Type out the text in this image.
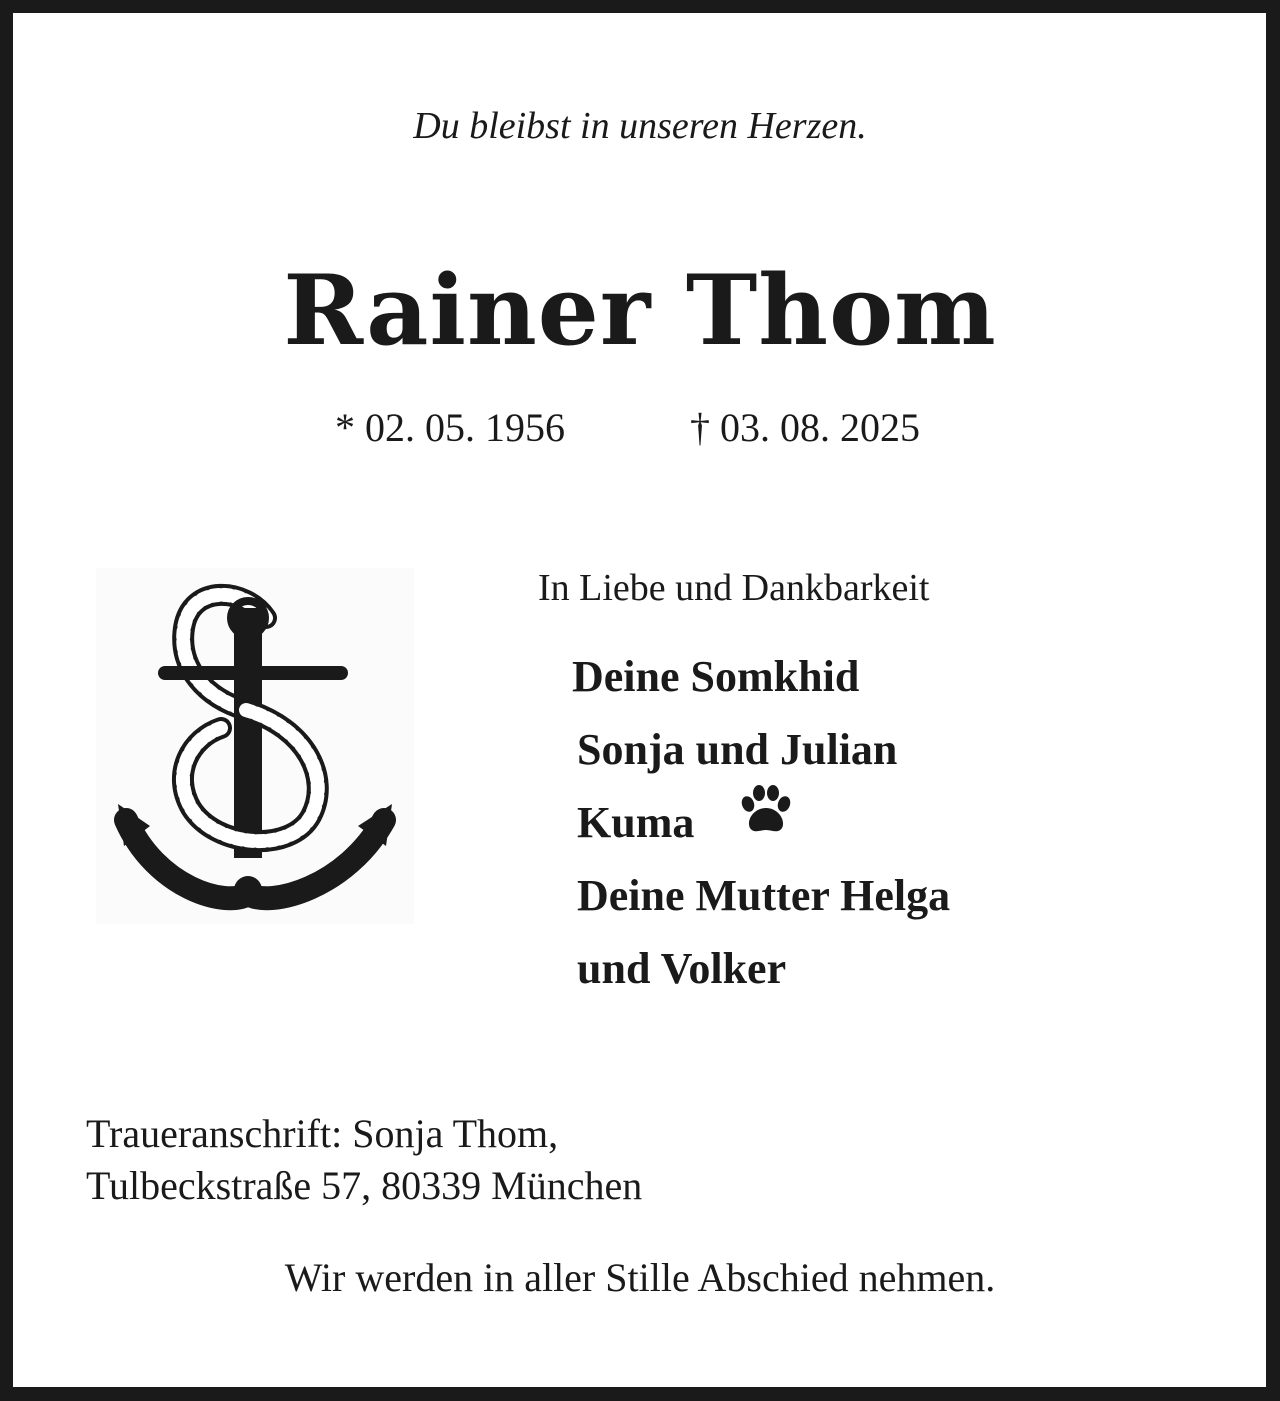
Du bleibst in unseren Herzen.
Rainer Thom
* 02. 05. 1956	† 03. 08. 2025
In Liebe und Dankbarkeit
Deine Somkhid
Sonja und Julian
Kuma
Deine Mutter Helga
und Volker
Traueranschrift: Sonja Thom,
Tulbeckstraße 57, 80339 München
Wir werden in aller Stille Abschied nehmen.
